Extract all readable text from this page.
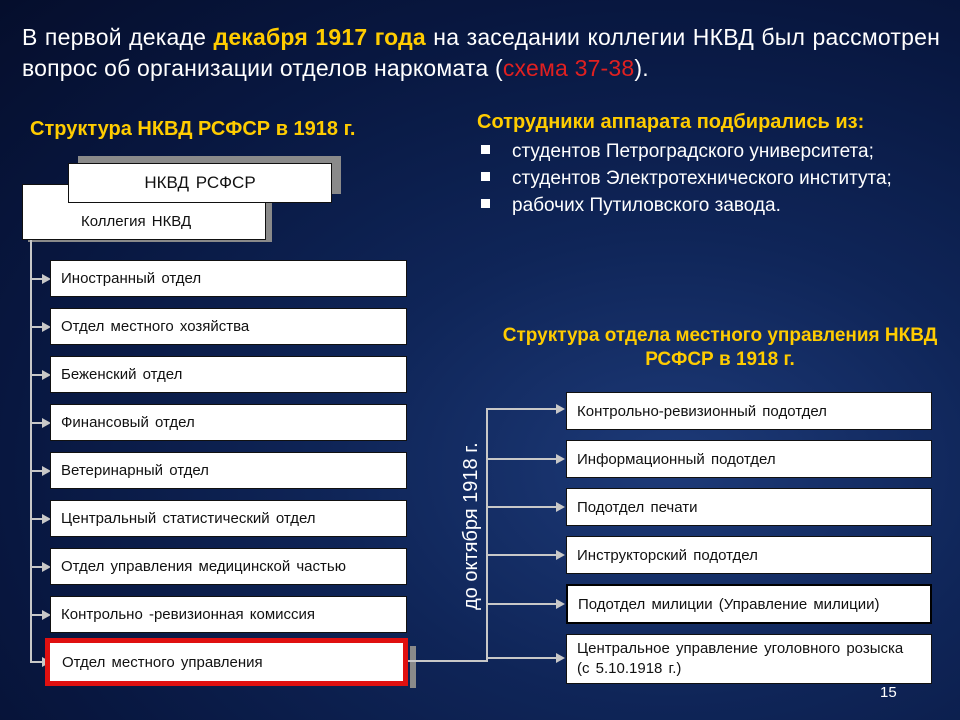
В первой декаде декабря 1917 года на заседании коллегии НКВД был рассмотрен вопрос об организации отделов наркомата (схема 37-38).
Структура НКВД РСФСР в 1918 г.
Коллегия НКВД
НКВД РСФСР
Иностранный отдел
Отдел местного хозяйства
Беженский отдел
Финансовый отдел
Ветеринарный отдел
Центральный статистический отдел
Отдел управления медицинской частью
Контрольно -ревизионная комиссия
Отдел местного управления
Сотрудники аппарата подбирались из:
студентов Петроградского университета;
студентов Электротехнического института;
рабочих Путиловского завода.
Структура отдела местного управления НКВД РСФСР в 1918 г.
до октября 1918 г.
Контрольно-ревизионный подотдел
Информационный подотдел
Подотдел печати
Инструкторский подотдел
Подотдел милиции (Управление милиции)
Центральное управление уголовного розыска (с 5.10.1918 г.)
15
